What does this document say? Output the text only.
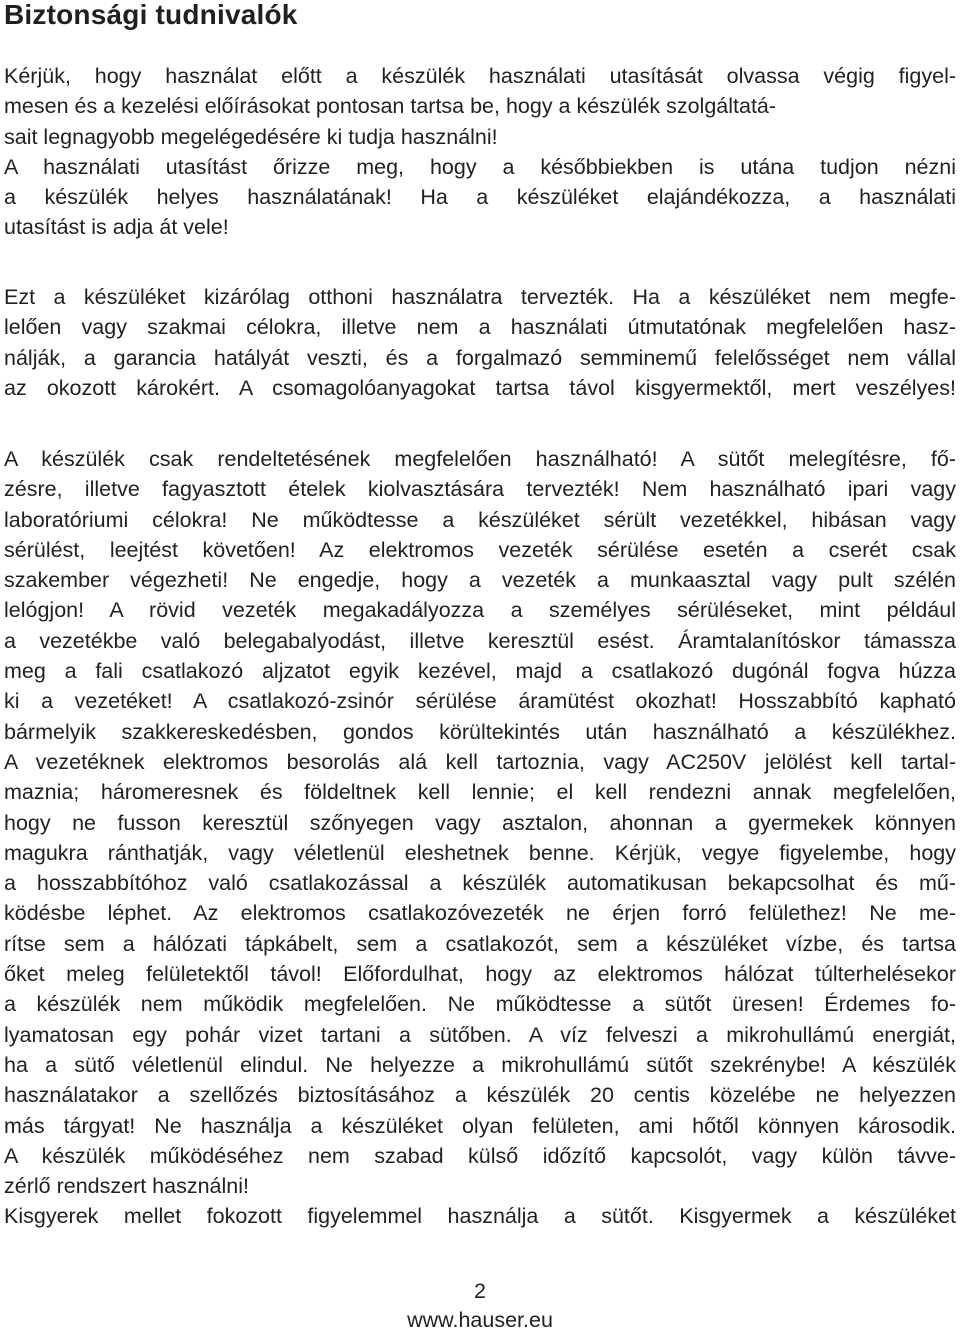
Biztonsági tudnivalók
Kérjük, hogy használat előtt a készülék használati utasítását olvassa végig figyel-
mesen és a kezelési előírásokat pontosan tartsa be, hogy a készülék szolgáltatá-
sait legnagyobb megelégedésére ki tudja használni!
A használati utasítást őrizze meg, hogy a későbbiekben is utána tudjon nézni
a készülék helyes használatának! Ha a készüléket elajándékozza, a használati
utasítást is adja át vele!
Ezt a készüléket kizárólag otthoni használatra tervezték. Ha a készüléket nem megfe-
lelően vagy szakmai célokra, illetve nem a használati útmutatónak megfelelően hasz-
nálják, a garancia hatályát veszti, és a forgalmazó semminemű felelősséget nem vállal
az okozott károkért. A csomagolóanyagokat tartsa távol kisgyermektől, mert veszélyes!
A készülék csak rendeltetésének megfelelően használható! A sütőt melegítésre, fő-
zésre, illetve fagyasztott ételek kiolvasztására tervezték! Nem használható ipari vagy
laboratóriumi célokra! Ne működtesse a készüléket sérült vezetékkel, hibásan vagy
sérülést, leejtést követően! Az elektromos vezeték sérülése esetén a cserét csak
szakember végezheti! Ne engedje, hogy a vezeték a munkaasztal vagy pult szélén
lelógjon! A rövid vezeték megakadályozza a személyes sérüléseket, mint például
a vezetékbe való belegabalyodást, illetve keresztül esést. Áramtalanítóskor támassza
meg a fali csatlakozó aljzatot egyik kezével, majd a csatlakozó dugónál fogva húzza
ki a vezetéket! A csatlakozó-zsinór sérülése áramütést okozhat! Hosszabbító kapható
bármelyik szakkereskedésben, gondos körültekintés után használható a készülékhez.
A vezetéknek elektromos besorolás alá kell tartoznia, vagy AC250V jelölést kell tartal-
maznia; háromeresnek és földeltnek kell lennie; el kell rendezni annak megfelelően,
hogy ne fusson keresztül szőnyegen vagy asztalon, ahonnan a gyermekek könnyen
magukra ránthatják, vagy véletlenül eleshetnek benne. Kérjük, vegye figyelembe, hogy
a hosszabbítóhoz való csatlakozással a készülék automatikusan bekapcsolhat és mű-
ködésbe léphet. Az elektromos csatlakozóvezeték ne érjen forró felülethez! Ne me-
rítse sem a hálózati tápkábelt, sem a csatlakozót, sem a készüléket vízbe, és tartsa
őket meleg felületektől távol! Előfordulhat, hogy az elektromos hálózat túlterhelésekor
a készülék nem működik megfelelően. Ne működtesse a sütőt üresen! Érdemes fo-
lyamatosan egy pohár vizet tartani a sütőben. A víz felveszi a mikrohullámú energiát,
ha a sütő véletlenül elindul. Ne helyezze a mikrohullámú sütőt szekrénybe! A készülék
használatakor a szellőzés biztosításához a készülék 20 centis közelébe ne helyezzen
más tárgyat! Ne használja a készüléket olyan felületen, ami hőtől könnyen károsodik.
A készülék működéséhez nem szabad külső időzítő kapcsolót, vagy külön távve-
zérlő rendszert használni!
Kisgyerek mellet fokozott figyelemmel használja a sütőt. Kisgyermek a készüléket
2
www.hauser.eu
